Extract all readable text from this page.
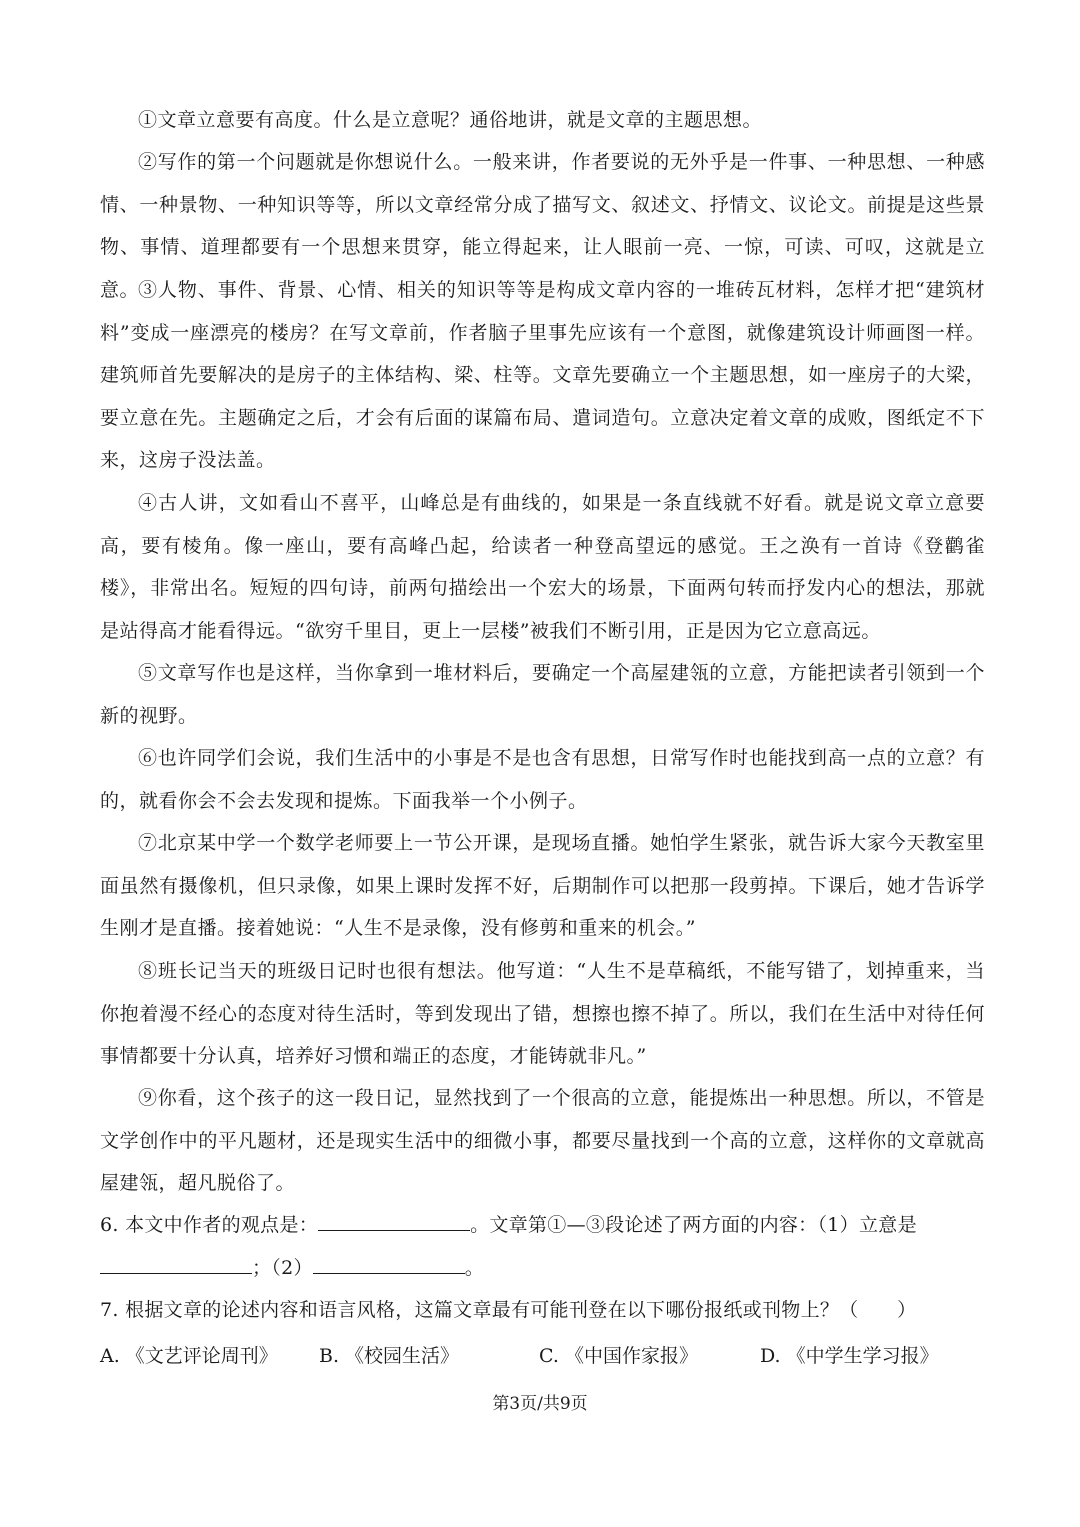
①文章立意要有高度。什么是立意呢？通俗地讲，就是文章的主题思想。

②写作的第一个问题就是你想说什么。一般来讲，作者要说的无外乎是一件事、一种思想、一种感情、一种景物、一种知识等等，所以文章经常分成了描写文、叙述文、抒情文、议论文。前提是这些景物、事情、道理都要有一个思想来贯穿，能立得起来，让人眼前一亮、一惊，可读、可叹，这就是立意。

③人物、事件、背景、心情、相关的知识等等是构成文章内容的一堆砖瓦材料，怎样才把“建筑材料”变成一座漂亮的楼房？在写文章前，作者脑子里事先应该有一个意图，就像建筑设计师画图一样。建筑师首先要解决的是房子的主体结构、梁、柱等。文章先要确立一个主题思想，如一座房子的大梁，要立意在先。主题确定之后，才会有后面的谋篇布局、遣词造句。立意决定着文章的成败，图纸定不下来，这房子没法盖。

④古人讲，文如看山不喜平，山峰总是有曲线的，如果是一条直线就不好看。就是说文章立意要高，要有棱角。像一座山，要有高峰凸起，给读者一种登高望远的感觉。王之涣有一首诗《登鹳雀楼》，非常出名。短短的四句诗，前两句描绘出一个宏大的场景，下面两句转而抒发内心的想法，那就是站得高才能看得远。“欲穷千里目，更上一层楼”被我们不断引用，正是因为它立意高远。

⑤文章写作也是这样，当你拿到一堆材料后，要确定一个高屋建瓴的立意，方能把读者引领到一个新的视野。

⑥也许同学们会说，我们生活中的小事是不是也含有思想，日常写作时也能找到高一点的立意？有的，就看你会不会去发现和提炼。下面我举一个小例子。

⑦北京某中学一个数学老师要上一节公开课，是现场直播。她怕学生紧张，就告诉大家今天教室里面虽然有摄像机，但只录像，如果上课时发挥不好，后期制作可以把那一段剪掉。下课后，她才告诉学生刚才是直播。接着她说：“人生不是录像，没有修剪和重来的机会。”

⑧班长记当天的班级日记时也很有想法。他写道：“人生不是草稿纸，不能写错了，划掉重来，当你抱着漫不经心的态度对待生活时，等到发现出了错，想擦也擦不掉了。所以，我们在生活中对待任何事情都要十分认真，培养好习惯和端正的态度，才能铸就非凡。”

⑨你看，这个孩子的这一段日记，显然找到了一个很高的立意，能提炼出一种思想。所以，不管是文学创作中的平凡题材，还是现实生活中的细微小事，都要尽量找到一个高的立意，这样你的文章就高屋建瓴，超凡脱俗了。

6. 本文中作者的观点是：	。文章第①—③段论述了两方面的内容：（1）立意是
；（2）	。

7. 根据文章的论述内容和语言风格，这篇文章最有可能刊登在以下哪份报纸或刊物上？（　　）

A. 《文艺评论周刊》 B. 《校园生活》	C. 《中国作家报》	D. 《中学生学习报》
第3页/共9页
